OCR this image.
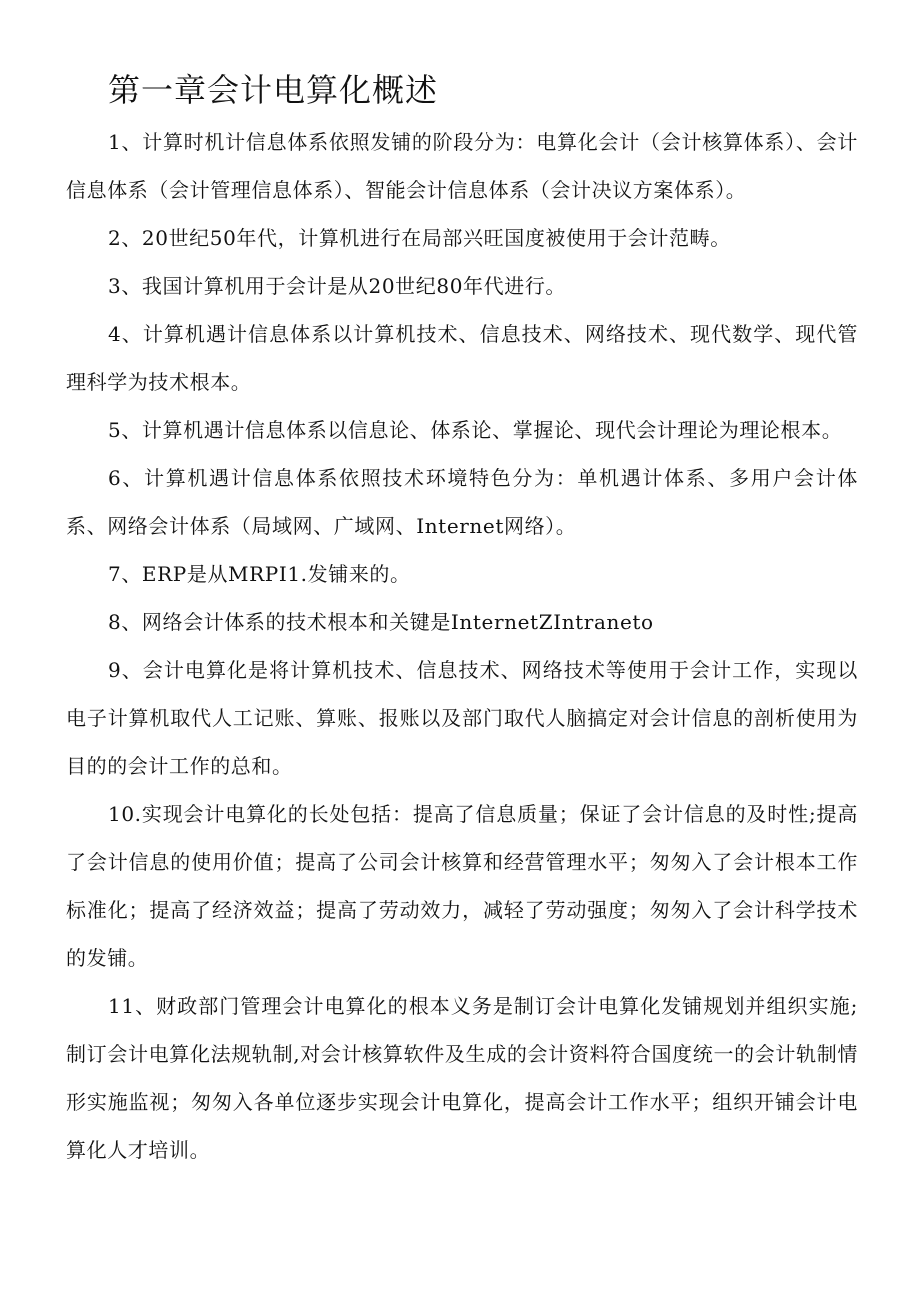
第一章会计电算化概述

1、计算时机计信息体系依照发铺的阶段分为：电算化会计（会计核算体系）、会计信息体系（会计管理信息体系）、智能会计信息体系（会计决议方案体系）。

2、20世纪50年代，计算机进行在局部兴旺国度被使用于会计范畴。

3、我国计算机用于会计是从20世纪80年代进行。

4、计算机遇计信息体系以计算机技术、信息技术、网络技术、现代数学、现代管理科学为技术根本。

5、计算机遇计信息体系以信息论、体系论、掌握论、现代会计理论为理论根本。

6、计算机遇计信息体系依照技术环境特色分为：单机遇计体系、多用户会计体系、网络会计体系（局域网、广域网、Internet网络）。

7、ERP是从MRPI1.发铺来的。

8、网络会计体系的技术根本和关键是InternetZIntraneto

9、会计电算化是将计算机技术、信息技术、网络技术等使用于会计工作，实现以电子计算机取代人工记账、算账、报账以及部门取代人脑搞定对会计信息的剖析使用为目的的会计工作的总和。

10.实现会计电算化的长处包括：提高了信息质量；保证了会计信息的及时性;提高了会计信息的使用价值；提高了公司会计核算和经营管理水平；匆匆入了会计根本工作标准化；提高了经济效益；提高了劳动效力，减轻了劳动强度；匆匆入了会计科学技术的发铺。

11、财政部门管理会计电算化的根本义务是制订会计电算化发铺规划并组织实施;制订会计电算化法规轨制,对会计核算软件及生成的会计资料符合国度统一的会计轨制情形实施监视；匆匆入各单位逐步实现会计电算化，提高会计工作水平；组织开铺会计电算化人才培训。
